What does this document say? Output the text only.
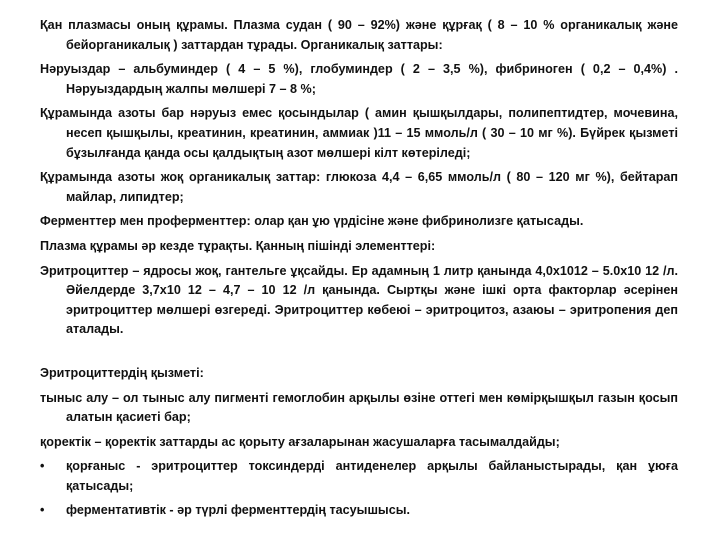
Қан плазмасы оның құрамы. Плазма судан ( 90 – 92%) және құрғақ ( 8 – 10 % органикалық және бейорганикалық ) заттардан тұрады. Органикалық заттары:

Нәруыздар – альбуминдер ( 4 – 5 %), глобуминдер ( 2 – 3,5 %), фибриноген ( 0,2 – 0,4%) . Нәруыздардың жалпы мөлшері 7 – 8 %;

Құрамында азоты бар нәруыз емес қосындылар ( амин қышқылдары, полипептидтер, мочевина, несеп қышқылы, креатинин, креатинин, аммиак )11 – 15 ммоль/л ( 30 – 10 мг %). Бүйрек қызметі бұзылғанда қанда осы қалдықтың азот мөлшері кілт көтеріледі;

Құрамында азоты жоқ органикалық заттар: глюкоза 4,4 – 6,65 ммоль/л ( 80 – 120 мг %), бейтарап майлар, липидтер;

Ферменттер мен проферменттер: олар қан ұю үрдісіне және фибринолизге қатысады.

Плазма құрамы әр кезде тұрақты. Қанның пішінді элементтері:

Эритроциттер – ядросы жоқ, гантельге ұқсайды. Ер адамның 1 литр қанында 4,0х1012 – 5.0х10 12 /л. Әйелдерде 3,7х10 12 – 4,7 – 10 12 /л қанында. Сыртқы және ішкі орта факторлар әсерінен эритроциттер мөлшері өзгереді. Эритроциттер көбеюі – эритроцитоз, азаюы – эритропения деп аталады.

Эритроциттердің қызметі:

тыныс алу – ол тыныс алу пигменті гемоглобин арқылы өзіне оттегі мен көмірқышқыл газын қосып алатын қасиеті бар;

қоректік – қоректік заттарды ас қорыту ағзаларынан жасушаларға тасымалдайды;

•	қорғаныс - эритроциттер токсиндерді антиденелер арқылы байланыстырады, қан ұюға қатысады;
•	ферментативтік - әр түрлі ферменттердің тасуышысы.
